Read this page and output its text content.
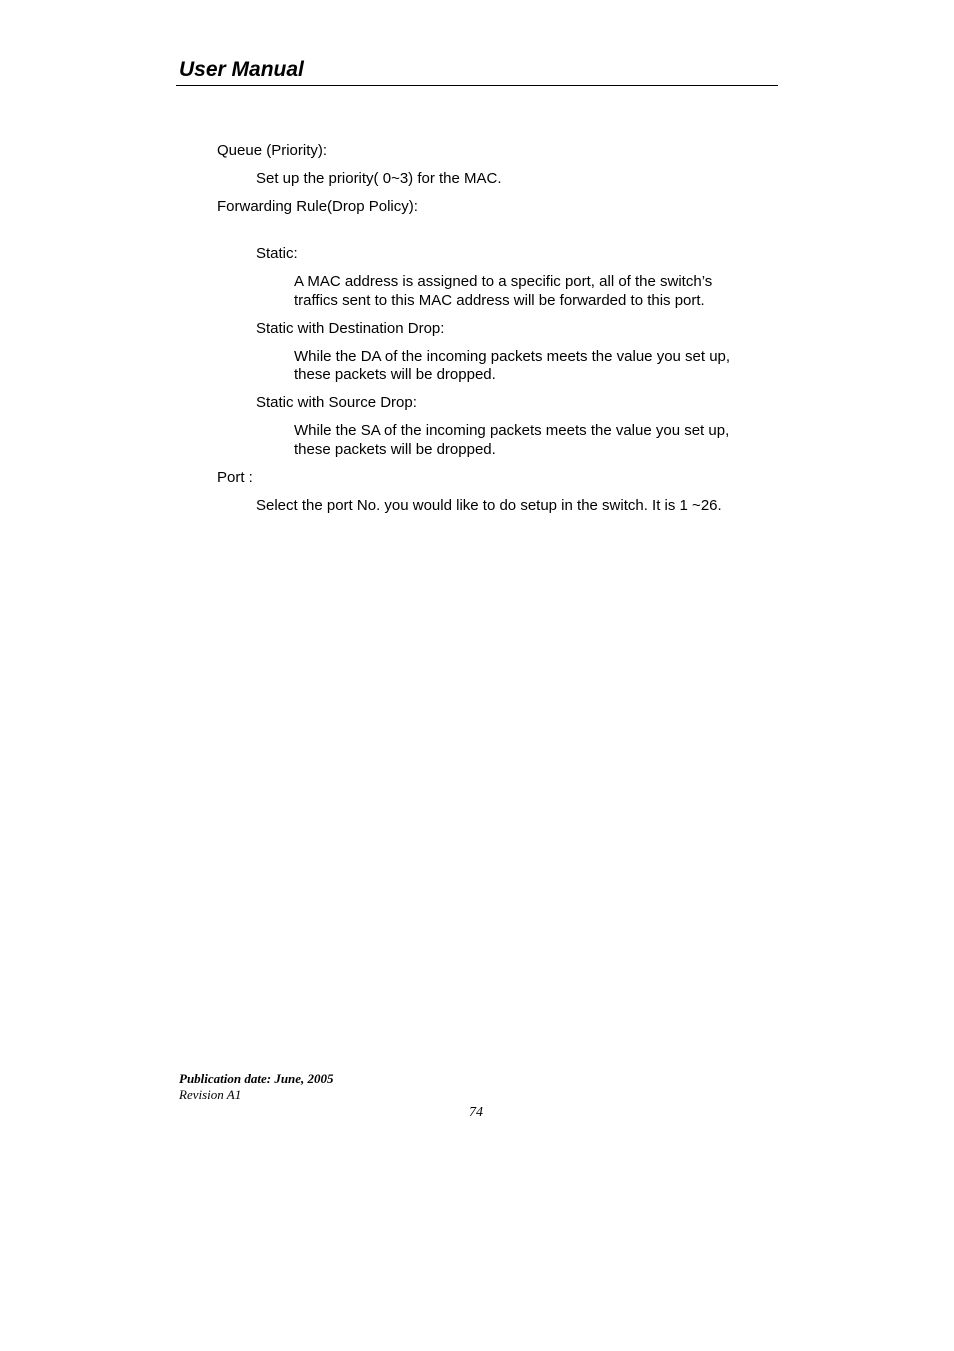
User Manual
Queue (Priority):
Set up the priority( 0~3) for the MAC.
Forwarding Rule(Drop Policy):
Static:
A MAC address is assigned to a specific port, all of the switch’s
traffics sent to this MAC address will be forwarded to this port.
Static with Destination Drop:
While the DA of the incoming packets meets the value you set up,
these packets will be dropped.
Static with Source Drop:
While the SA of the incoming packets meets the value you set up,
these packets will be dropped.
Port :
Select the port No. you would like to do setup in the switch. It is 1 ~26.
Publication date: June, 2005
Revision A1
74
